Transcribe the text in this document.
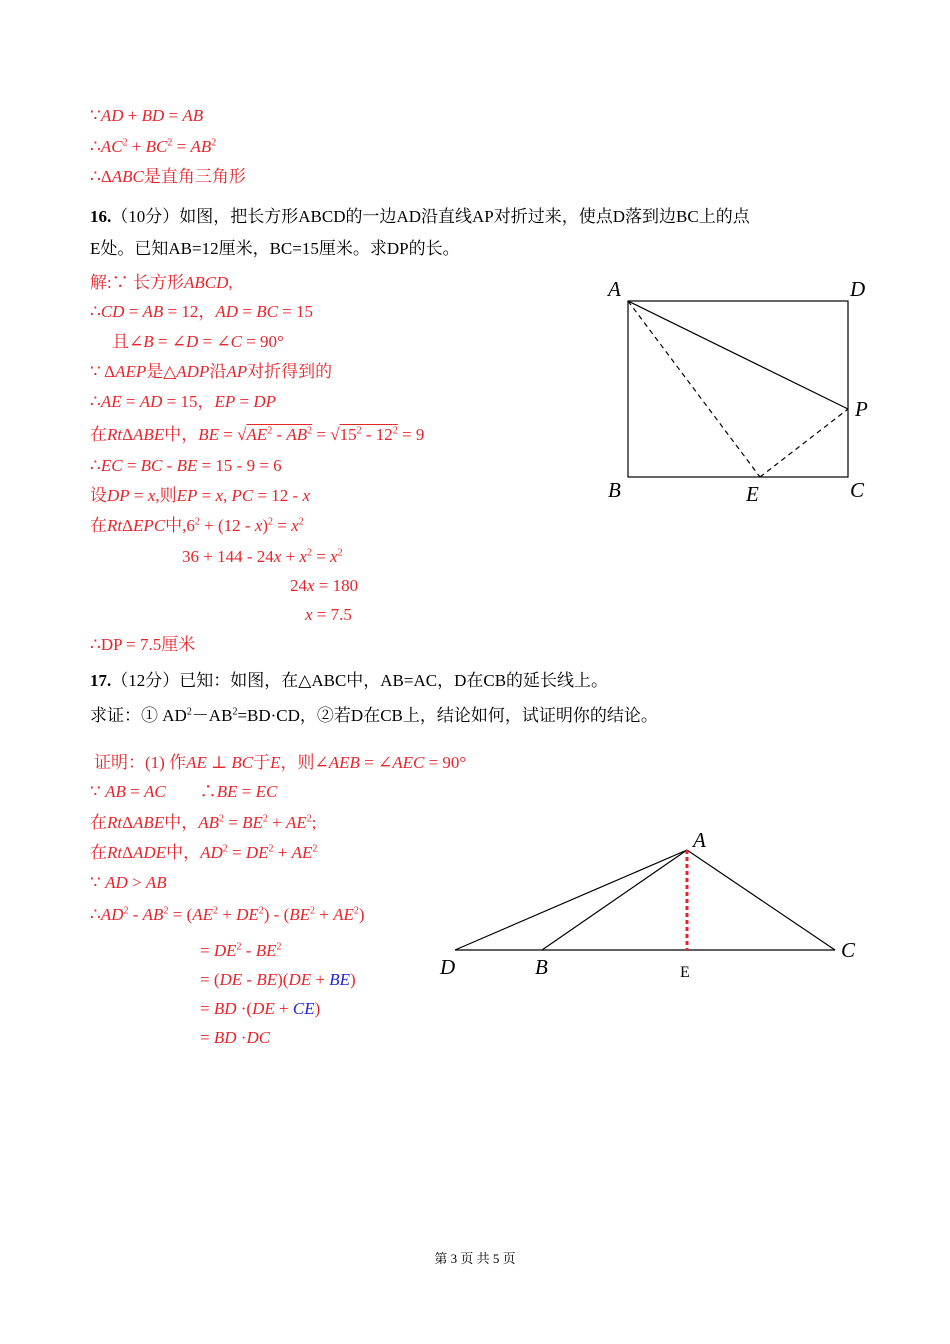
∵AD + BD = AB
$\therefore AC^2 + BC^2 = AB^2$
∴ΔABC是直角三角形
16.（10分）如图，把长方形ABCD的一边AD沿直线AP对折过来，使点D落到边BC上的点
E处。已知AB=12厘米，BC=15厘米。求DP的长。
解:∵ 长方形ABCD,
∴CD = AB = 12，AD = BC = 15
且∠B = ∠D = ∠C = 90°
∵ ΔAEP是△ADP沿AP对折得到的
∴AE = AD = 15，EP = DP
在RtΔABE中，BE = $√AE^2 - AB^2 = √15^2 - 12^2 = 9$
∴EC = BC - BE = 15 - 9 = 6
设DP = x,则EP = x, PC = 12 - x
在RtΔEPC中$,6^2 + (12 - x)^2 = x^2$
$36 + 144 - 24x + x^2 = x^2$
24x = 180
x = 7.5
∴DP = 7.5厘米
A	D
P
B	E	C
17.（12分）已知：如图，在△ABC中，AB=AC，D在CB的延长线上。
求证：① $AD^2-AB^2=BD\cdot CD$，②若D在CB上，结论如何，试证明你的结论。
证明：(1) 作AE ⊥ BC于E，则∠AEB = ∠AEC = 90°
∵ AB = AC　　∴BE = EC
在RtΔABE中，$AB^2 = BE^2 + AE^2$;
在RtΔADE中，$AD^2 = DE^2 + AE^2$
∵ AD > AB
$\therefore AD^2 - AB^2 = (AE^2 + DE^2) - (BE^2 + AE^2)$
= $DE^2 - BE^2$
= (DE - BE)(DE + BE)
= BD ·(DE + CE)
= BD ·DC
A
D	B	E
C
第 3 页 共 5 页
